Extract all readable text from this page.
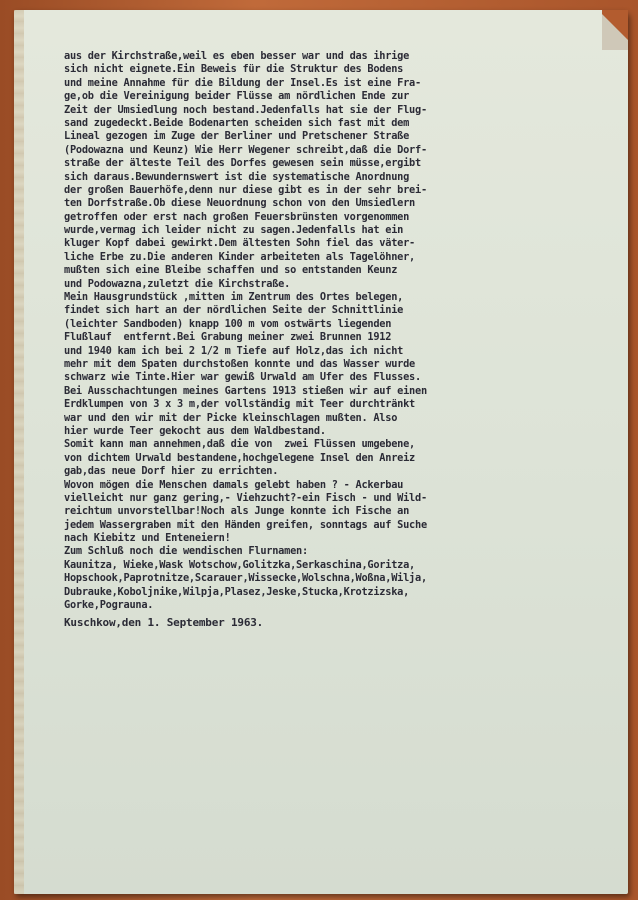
aus der Kirchstraße,weil es eben besser war und das ihrige
sich nicht eignete.Ein Beweis für die Struktur des Bodens
und meine Annahme für die Bildung der Insel.Es ist eine Fra-
ge,ob die Vereinigung beider Flüsse am nördlichen Ende zur
Zeit der Umsiedlung noch bestand.Jedenfalls hat sie der Flug-
sand zugedeckt.Beide Bodenarten scheiden sich fast mit dem
Lineal gezogen im Zuge der Berliner und Pretschener Straße
(Podowazna und Keunz) Wie Herr Wegener schreibt,daß die Dorf-
straße der älteste Teil des Dorfes gewesen sein müsse,ergibt
sich daraus.Bewundernswert ist die systematische Anordnung
der großen Bauerhöfe,denn nur diese gibt es in der sehr brei-
ten Dorfstraße.Ob diese Neuordnung schon von den Umsiedlern
getroffen oder erst nach großen Feuersbrünsten vorgenommen
wurde,vermag ich leider nicht zu sagen.Jedenfalls hat ein
kluger Kopf dabei gewirkt.Dem ältesten Sohn fiel das väter-
liche Erbe zu.Die anderen Kinder arbeiteten als Tagelöhner,
mußten sich eine Bleibe schaffen und so entstanden Keunz
und Podowazna,zuletzt die Kirchstraße.
Mein Hausgrundstück ,mitten im Zentrum des Ortes belegen,
findet sich hart an der nördlichen Seite der Schnittlinie
(leichter Sandboden) knapp 100 m vom ostwärts liegenden
Flußlauf  entfernt.Bei Grabung meiner zwei Brunnen 1912
und 1940 kam ich bei 2 1/2 m Tiefe auf Holz,das ich nicht
mehr mit dem Spaten durchstoßen konnte und das Wasser wurde
schwarz wie Tinte.Hier war gewiß Urwald am Ufer des Flusses.
Bei Ausschachtungen meines Gartens 1913 stießen wir auf einen
Erdklumpen von 3 x 3 m,der vollständig mit Teer durchtränkt
war und den wir mit der Picke kleinschlagen mußten. Also
hier wurde Teer gekocht aus dem Waldbestand.
Somit kann man annehmen,daß die von  zwei Flüssen umgebene,
von dichtem Urwald bestandene,hochgelegene Insel den Anreiz
gab,das neue Dorf hier zu errichten.
Wovon mögen die Menschen damals gelebt haben ? - Ackerbau
vielleicht nur ganz gering,- Viehzucht?-ein Fisch - und Wild-
reichtum unvorstellbar!Noch als Junge konnte ich Fische an
jedem Wassergraben mit den Händen greifen, sonntags auf Suche
nach Kiebitz und Enteneiern!
Zum Schluß noch die wendischen Flurnamen:
Kaunitza, Wieke,Wask Wotschow,Golitzka,Serkaschina,Goritza,
Hopschook,Paprotnitze,Scarauer,Wissecke,Wolschna,Woßna,Wilja,
Dubrauke,Koboljnike,Wilpja,Plasez,Jeske,Stucka,Krotzizska,
Gorke,Pograuna.
Kuschkow,den 1. September 1963.
